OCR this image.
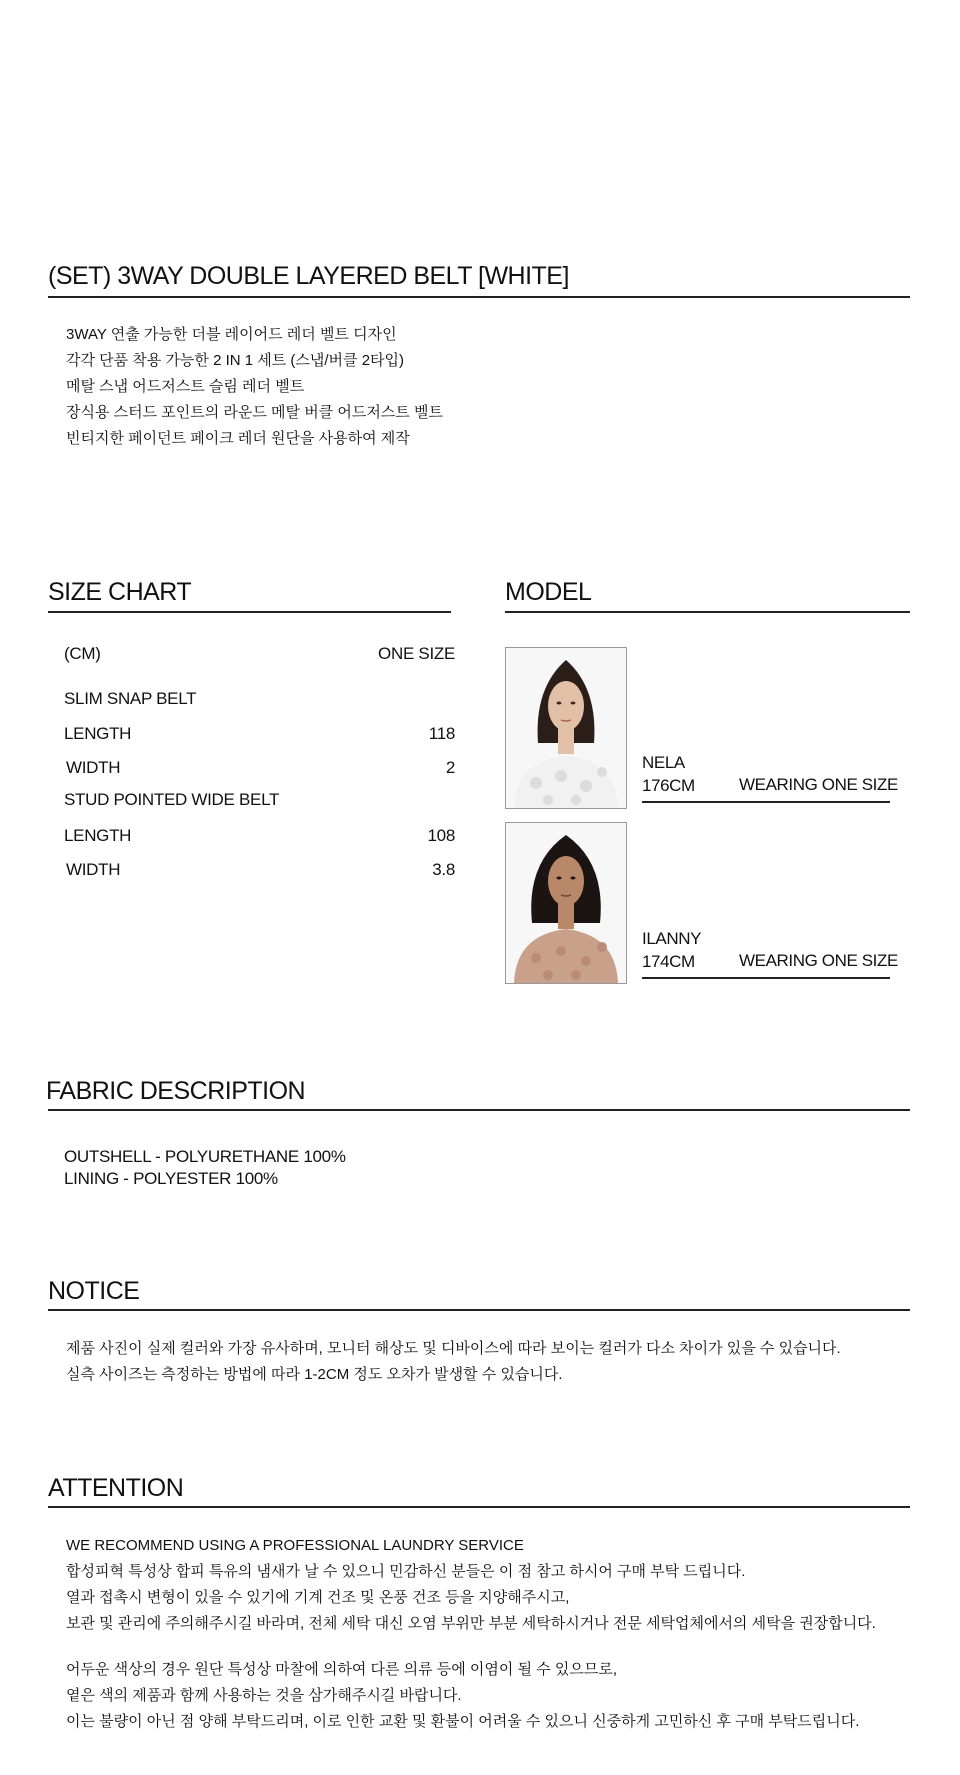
(SET) 3WAY DOUBLE LAYERED BELT [WHITE]
3WAY 연출 가능한 더블 레이어드 레더 벨트 디자인
각각 단품 착용 가능한 2 IN 1 세트 (스냅/버클 2타입)
메탈 스냅 어드저스트 슬림 레더 벨트
장식용 스터드 포인트의 라운드 메탈 버클 어드저스트 벨트
빈티지한 페이던트 페이크 레더 원단을 사용하여 제작
SIZE CHART
(CM)	ONE SIZE
SLIM SNAP BELT
LENGTH	118
WIDTH	2
STUD POINTED WIDE BELT
LENGTH	108
WIDTH	3.8
MODEL
NELA
176CM	WEARING ONE SIZE
ILANNY
174CM	WEARING ONE SIZE
FABRIC DESCRIPTION
OUTSHELL - POLYURETHANE 100%
LINING - POLYESTER 100%
NOTICE
제품 사진이 실제 컬러와 가장 유사하며, 모니터 해상도 및 디바이스에 따라 보이는 컬러가 다소 차이가 있을 수 있습니다.
실측 사이즈는 측정하는 방법에 따라 1-2CM 정도 오차가 발생할 수 있습니다.
ATTENTION
WE RECOMMEND USING A PROFESSIONAL LAUNDRY SERVICE
합성피혁 특성상 합피 특유의 냄새가 날 수 있으니 민감하신 분들은 이 점 참고 하시어 구매 부탁 드립니다.
열과 접촉시 변형이 있을 수 있기에 기계 건조 및 온풍 건조 등을 지양해주시고,
보관 및 관리에 주의해주시길 바라며, 전체 세탁 대신 오염 부위만 부분 세탁하시거나 전문 세탁업체에서의 세탁을 권장합니다.
어두운 색상의 경우 원단 특성상 마찰에 의하여 다른 의류 등에 이염이 될 수 있으므로,
옅은 색의 제품과 함께 사용하는 것을 삼가해주시길 바랍니다.
이는 불량이 아닌 점 양해 부탁드리며, 이로 인한 교환 및 환불이 어려울 수 있으니 신중하게 고민하신 후 구매 부탁드립니다.
